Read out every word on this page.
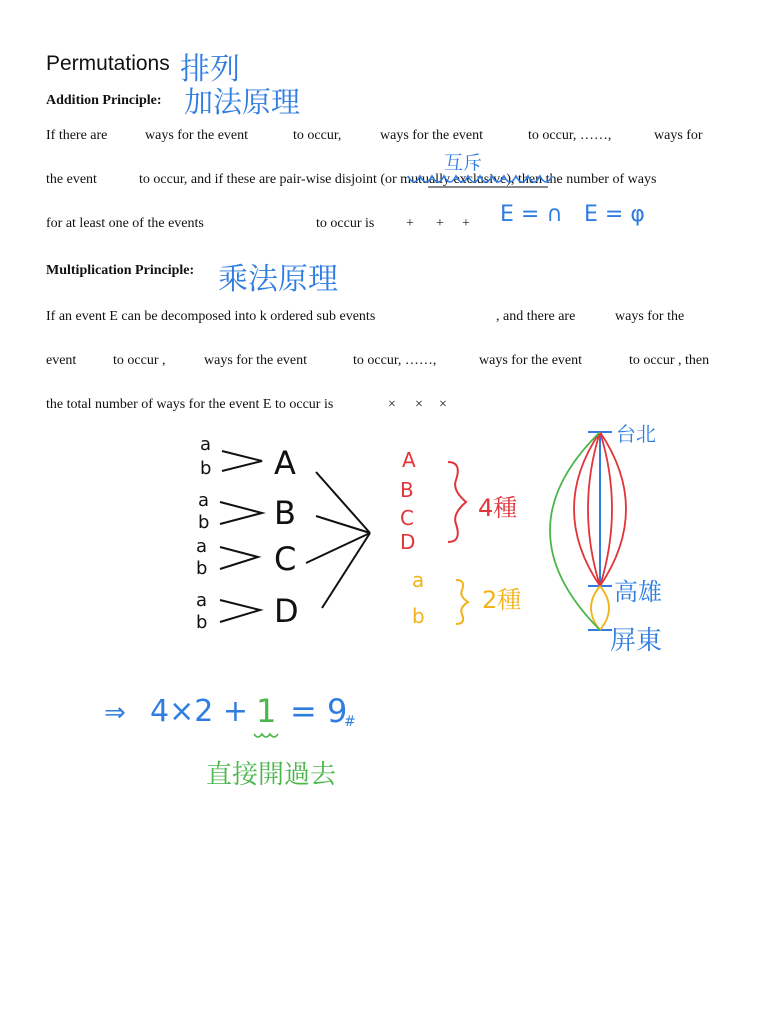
Permutations 排列
Addition Principle: 加法原理
If there are	ways for the event	to occur,	ways for the event	to occur, ……,	ways for
互斥
the event	to occur, and if these are pair-wise disjoint (or mutually exclusive), then the number of ways
for at least one of the events	to occur is + + + E = ∩ E = φ
Multiplication Principle: 乘法原理
If an event E can be decomposed into k ordered sub events	, and there are	ways for the
event	to occur ,	ways for the event	to occur, ……,	ways for the event	to occur , then
the total number of ways for the event E to occur is	× × ×
a
b A
a
b B
a
b C
a
b D
A
B
C
D
4種
a
b
2種
台北
高雄
屏東
⇒ 4×2 + 1 = 9
#
直接開過去
